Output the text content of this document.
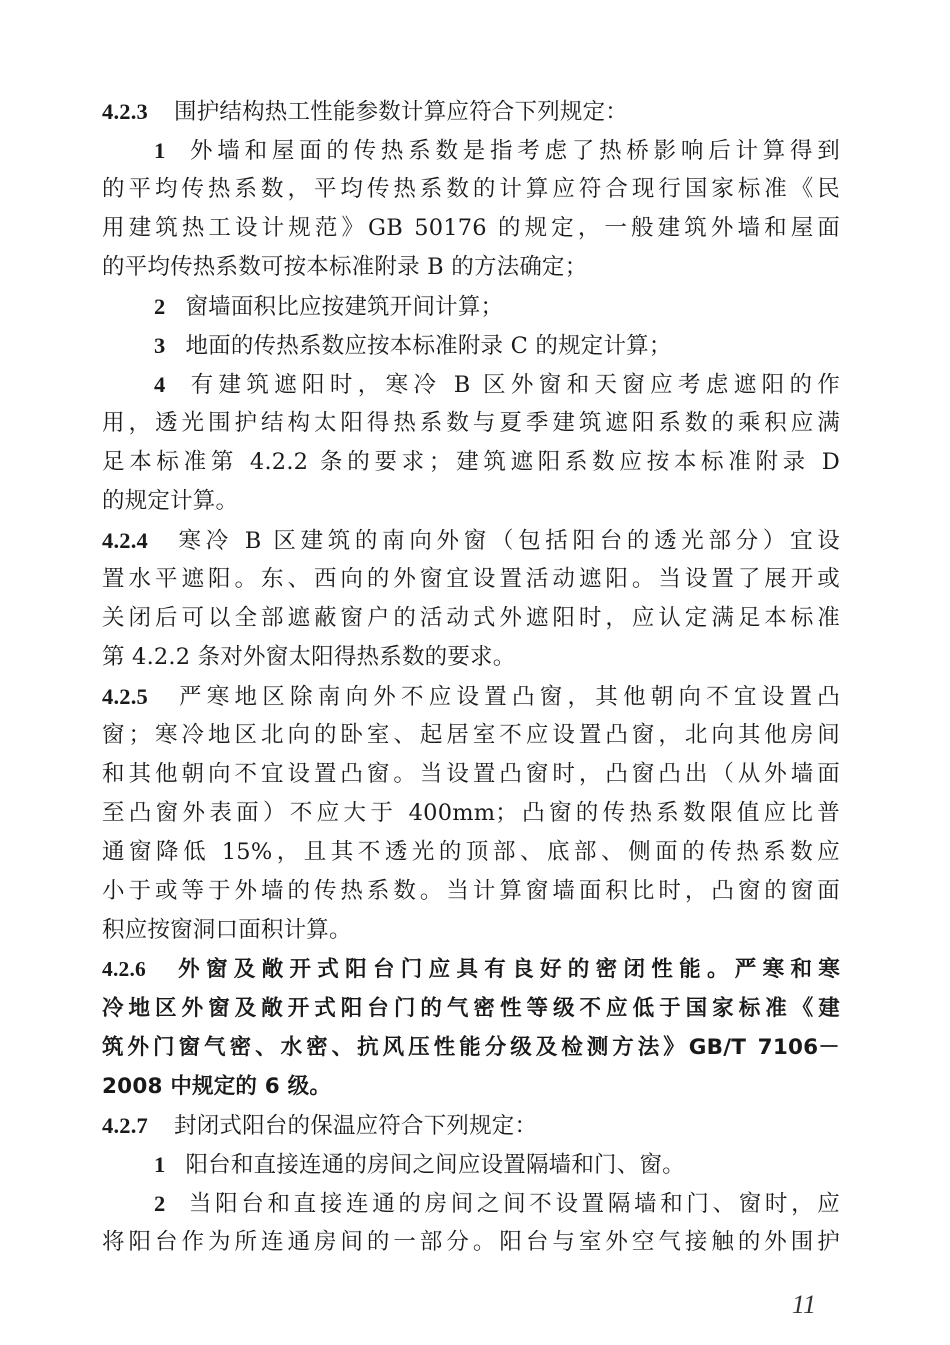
4.2.3 围护结构热工性能参数计算应符合下列规定：
1 外墙和屋面的传热系数是指考虑了热桥影响后计算得到
的平均传热系数，平均传热系数的计算应符合现行国家标准《民
用建筑热工设计规范》GB 50176 的规定，一般建筑外墙和屋面
的平均传热系数可按本标准附录 B 的方法确定；
2 窗墙面积比应按建筑开间计算；
3 地面的传热系数应按本标准附录 C 的规定计算；
4 有建筑遮阳时，寒冷 B 区外窗和天窗应考虑遮阳的作
用，透光围护结构太阳得热系数与夏季建筑遮阳系数的乘积应满
足本标准第 4.2.2 条的要求；建筑遮阳系数应按本标准附录 D
的规定计算。
4.2.4 寒冷 B 区建筑的南向外窗（包括阳台的透光部分）宜设
置水平遮阳。东、西向的外窗宜设置活动遮阳。当设置了展开或
关闭后可以全部遮蔽窗户的活动式外遮阳时，应认定满足本标准
第 4.2.2 条对外窗太阳得热系数的要求。
4.2.5 严寒地区除南向外不应设置凸窗，其他朝向不宜设置凸
窗；寒冷地区北向的卧室、起居室不应设置凸窗，北向其他房间
和其他朝向不宜设置凸窗。当设置凸窗时，凸窗凸出（从外墙面
至凸窗外表面）不应大于 400mm；凸窗的传热系数限值应比普
通窗降低 15%，且其不透光的顶部、底部、侧面的传热系数应
小于或等于外墙的传热系数。当计算窗墙面积比时，凸窗的窗面
积应按窗洞口面积计算。
4.2.6 外窗及敞开式阳台门应具有良好的密闭性能。严寒和寒
冷地区外窗及敞开式阳台门的气密性等级不应低于国家标准《建
筑外门窗气密、水密、抗风压性能分级及检测方法》GB/T 7106－
2008 中规定的 6 级。
4.2.7 封闭式阳台的保温应符合下列规定：
1 阳台和直接连通的房间之间应设置隔墙和门、窗。
2 当阳台和直接连通的房间之间不设置隔墙和门、窗时，应
将阳台作为所连通房间的一部分。阳台与室外空气接触的外围护
11
